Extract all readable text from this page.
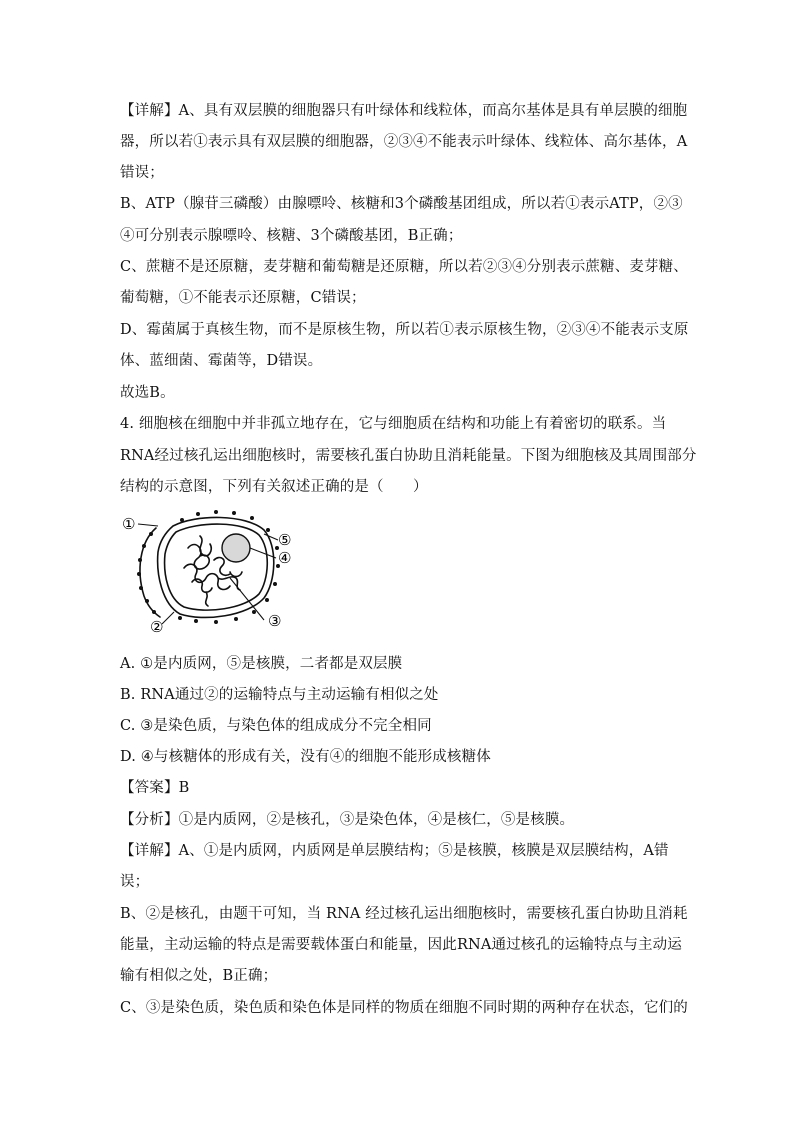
【详解】A、具有双层膜的细胞器只有叶绿体和线粒体，而高尔基体是具有单层膜的细胞
器，所以若①表示具有双层膜的细胞器，②③④不能表示叶绿体、线粒体、高尔基体，A
错误；
B、ATP（腺苷三磷酸）由腺嘌呤、核糖和3个磷酸基团组成，所以若①表示ATP，②③
④可分别表示腺嘌呤、核糖、3个磷酸基团，B正确；
C、蔗糖不是还原糖，麦芽糖和葡萄糖是还原糖，所以若②③④分别表示蔗糖、麦芽糖、
葡萄糖，①不能表示还原糖，C错误；
D、霉菌属于真核生物，而不是原核生物，所以若①表示原核生物，②③④不能表示支原
体、蓝细菌、霉菌等，D错误。
故选B。
4. 细胞核在细胞中并非孤立地存在，它与细胞质在结构和功能上有着密切的联系。当
RNA经过核孔运出细胞核时，需要核孔蛋白协助且消耗能量。下图为细胞核及其周围部分
结构的示意图，下列有关叙述正确的是（　　）
①
②	③
④
⑤
A. ①是内质网，⑤是核膜，二者都是双层膜
B. RNA通过②的运输特点与主动运输有相似之处
C. ③是染色质，与染色体的组成成分不完全相同
D. ④与核糖体的形成有关，没有④的细胞不能形成核糖体
【答案】B
【分析】①是内质网，②是核孔，③是染色体，④是核仁，⑤是核膜。
【详解】A、①是内质网，内质网是单层膜结构；⑤是核膜，核膜是双层膜结构，A错
误；
B、②是核孔，由题干可知，当 RNA 经过核孔运出细胞核时，需要核孔蛋白协助且消耗
能量，主动运输的特点是需要载体蛋白和能量，因此RNA通过核孔的运输特点与主动运
输有相似之处，B正确；
C、③是染色质，染色质和染色体是同样的物质在细胞不同时期的两种存在状态，它们的
